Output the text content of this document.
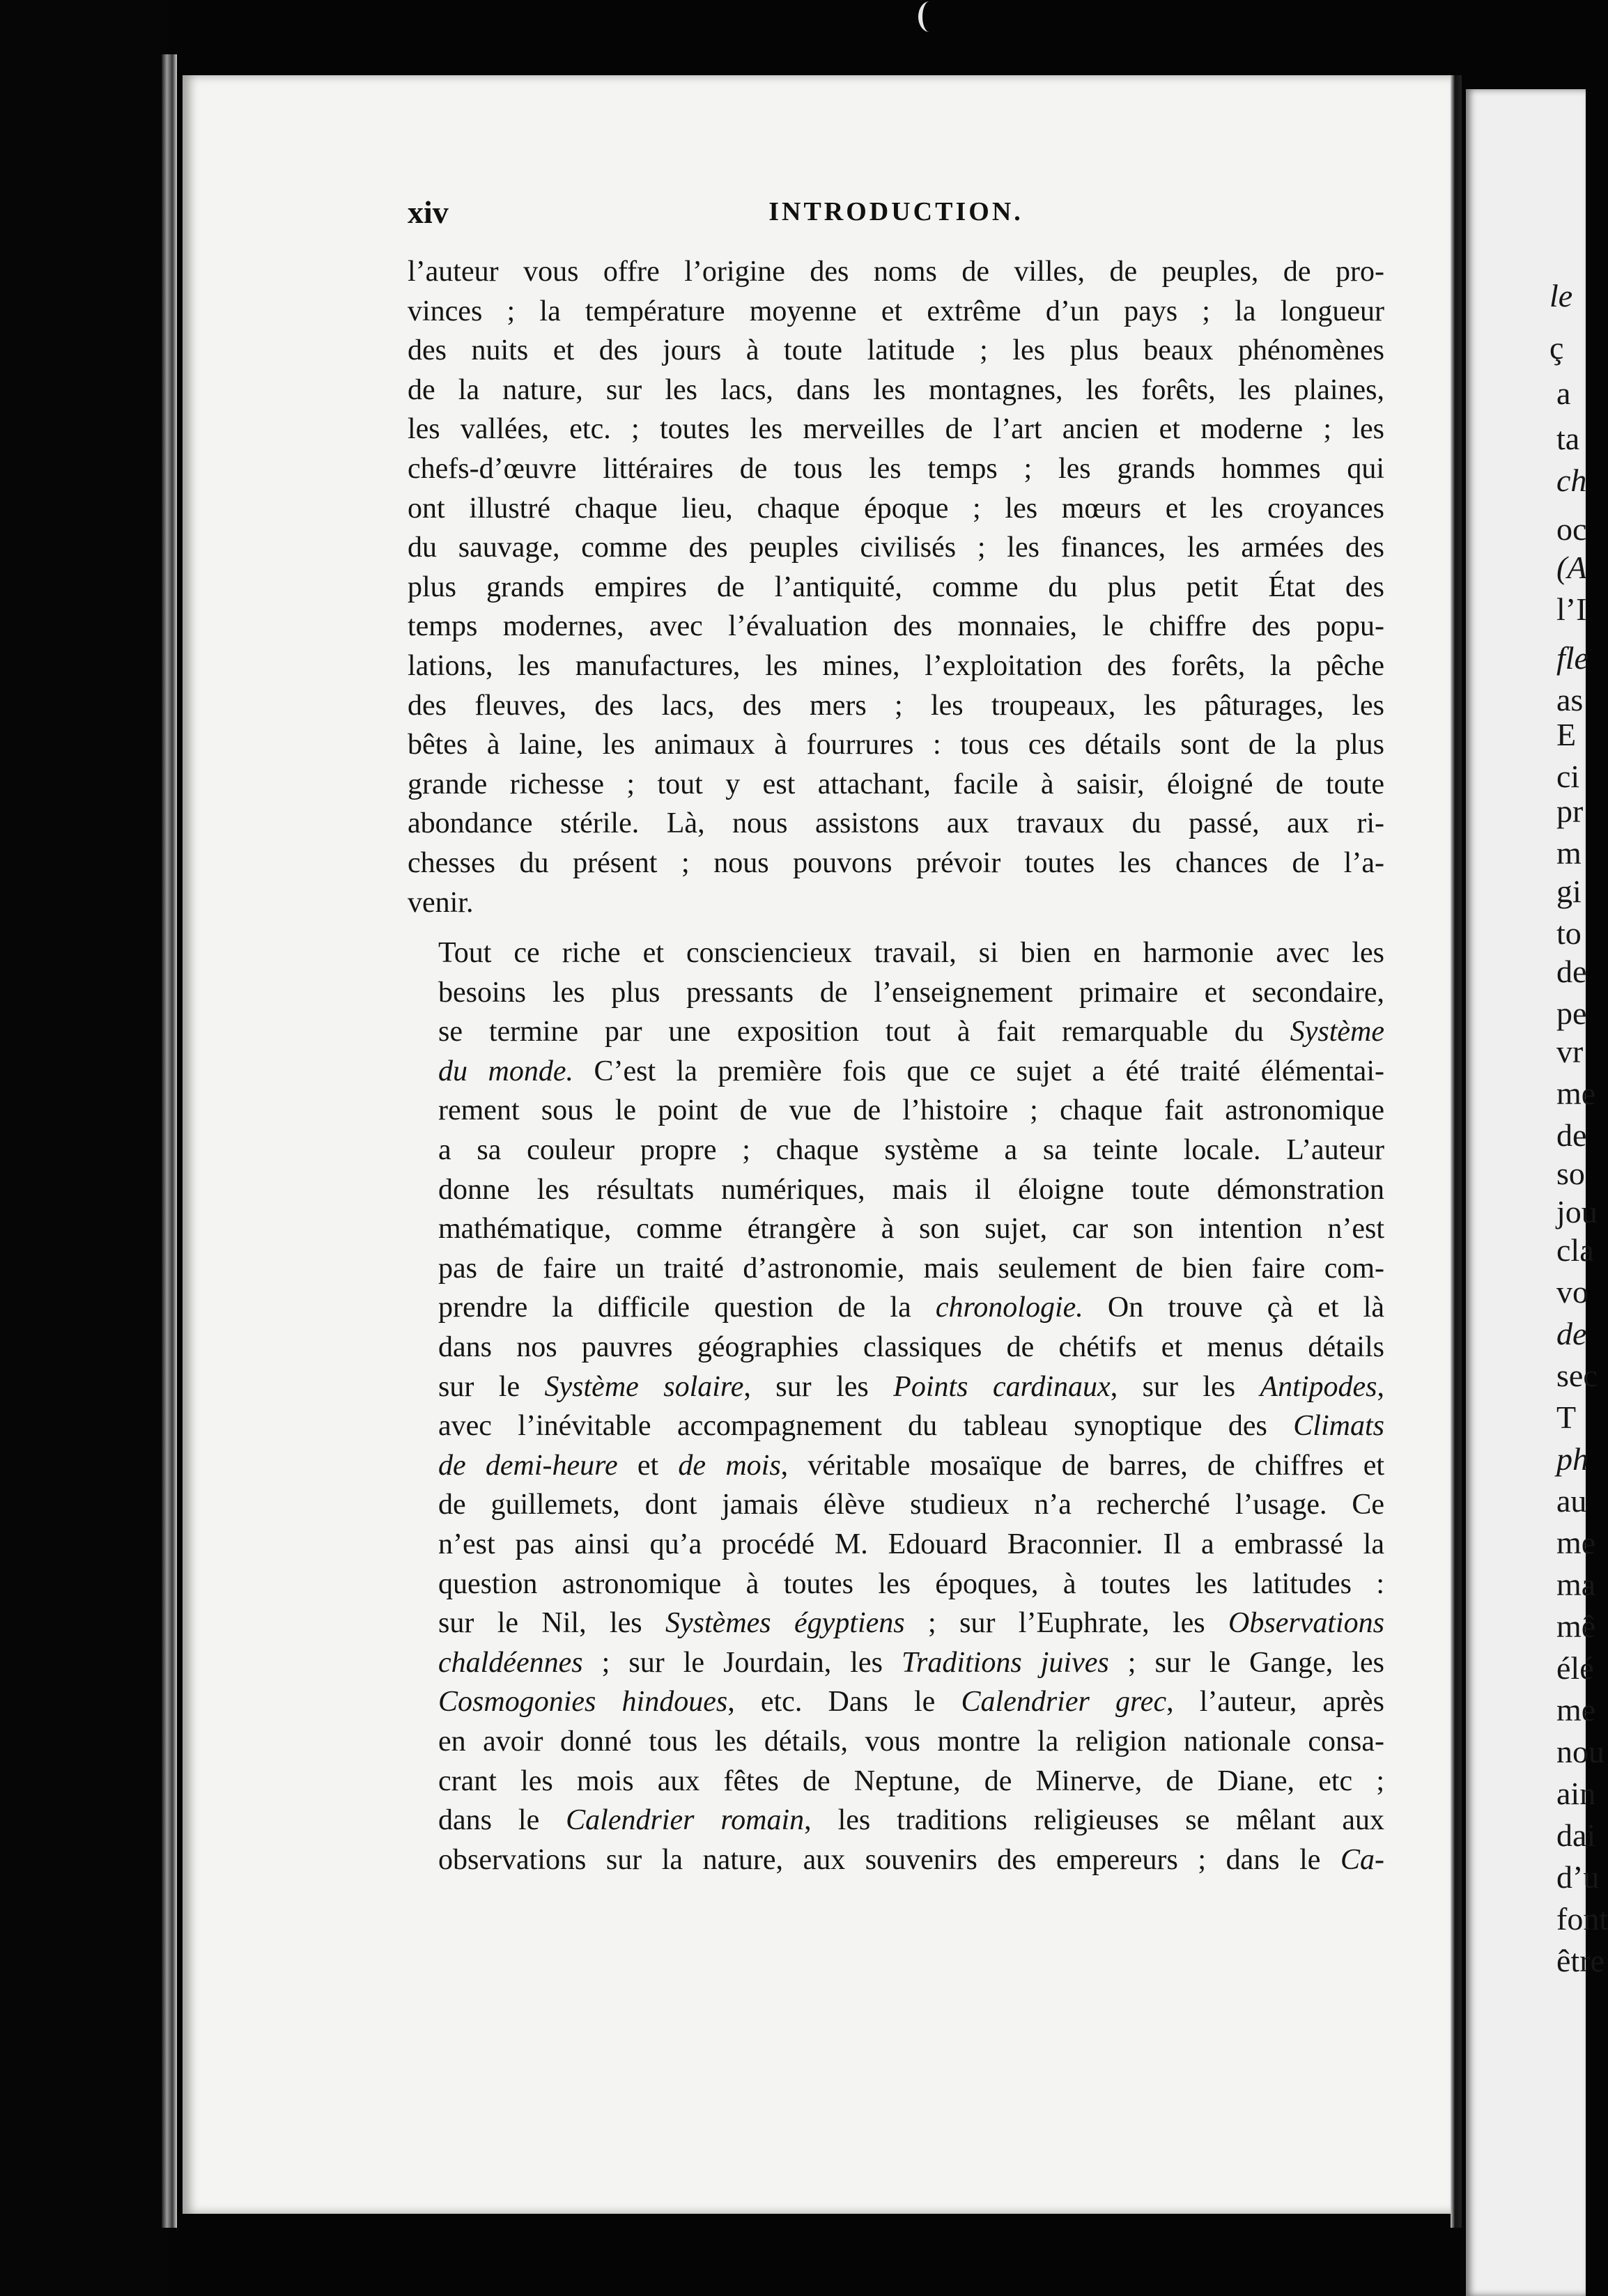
xiv	INTRODUCTION.
l’auteur vous offre l’origine des noms de villes, de peuples, de pro-
vinces ; la température moyenne et extrême d’un pays ; la longueur
des nuits et des jours à toute latitude ; les plus beaux phénomènes
de la nature, sur les lacs, dans les montagnes, les forêts, les plaines,
les vallées, etc. ; toutes les merveilles de l’art ancien et moderne ; les
chefs-d’œuvre littéraires de tous les temps ; les grands hommes qui
ont illustré chaque lieu, chaque époque ; les mœurs et les croyances
du sauvage, comme des peuples civilisés ; les finances, les armées des
plus grands empires de l’antiquité, comme du plus petit État des
temps modernes, avec l’évaluation des monnaies, le chiffre des popu-
lations, les manufactures, les mines, l’exploitation des forêts, la pêche
des fleuves, des lacs, des mers ; les troupeaux, les pâturages, les
bêtes à laine, les animaux à fourrures : tous ces détails sont de la plus
grande richesse ; tout y est attachant, facile à saisir, éloigné de toute
abondance stérile. Là, nous assistons aux travaux du passé, aux ri-
chesses du présent ; nous pouvons prévoir toutes les chances de l’a-
venir.
Tout ce riche et consciencieux travail, si bien en harmonie avec les
besoins les plus pressants de l’enseignement primaire et secondaire,
se termine par une exposition tout à fait remarquable du Système
du monde. C’est la première fois que ce sujet a été traité élémentai-
rement sous le point de vue de l’histoire ; chaque fait astronomique
a sa couleur propre ; chaque système a sa teinte locale. L’auteur
donne les résultats numériques, mais il éloigne toute démonstration
mathématique, comme étrangère à son sujet, car son intention n’est
pas de faire un traité d’astronomie, mais seulement de bien faire com-
prendre la difficile question de la chronologie. On trouve çà et là
dans nos pauvres géographies classiques de chétifs et menus détails
sur le Système solaire, sur les Points cardinaux, sur les Antipodes,
avec l’inévitable accompagnement du tableau synoptique des Climats
de demi-heure et de mois, véritable mosaïque de barres, de chiffres et
de guillemets, dont jamais élève studieux n’a recherché l’usage. Ce
n’est pas ainsi qu’a procédé M. Edouard Braconnier. Il a embrassé la
question astronomique à toutes les époques, à toutes les latitudes :
sur le Nil, les Systèmes égyptiens ; sur l’Euphrate, les Observations
chaldéennes ; sur le Jourdain, les Traditions juives ; sur le Gange, les
Cosmogonies hindoues, etc. Dans le Calendrier grec, l’auteur, après
en avoir donné tous les détails, vous montre la religion nationale consa-
crant les mois aux fêtes de Neptune, de Minerve, de Diane, etc ;
dans le Calendrier romain, les traditions religieuses se mêlant aux
observations sur la nature, aux souvenirs des empereurs ; dans le Ca-
le
ç
a
ta
ch
oc
(A
l’I
fle
as
E
ci
pr
m
gi
to
de
pe
vr
me
de
so
jou
cla
vo
de
sec
T
ph
au
me
ma
mê
élé
me
nou
ain
dai
d’u
font
être
